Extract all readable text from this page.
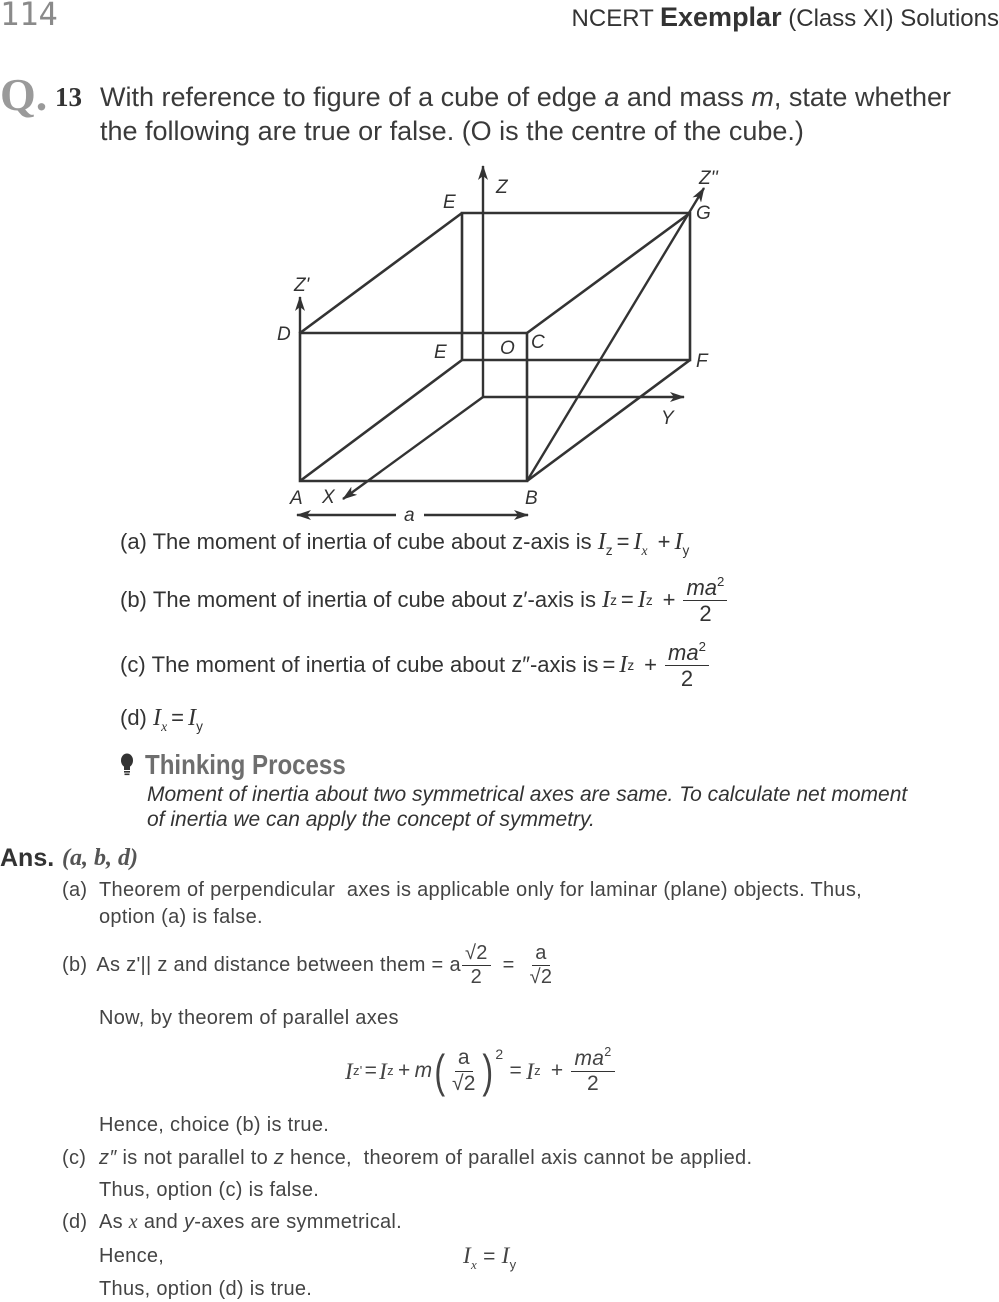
114	NCERT Exemplar (Class XI) Solutions
Q. 13 With reference to figure of a cube of edge a and mass m, state whether
the following are true or false. (O is the centre of the cube.)
E
Z	Z''
G
Z'
D
E	O C
F
Y
A X	B
a
(a) The moment of inertia of cube about z-axis is $I_z = I_x + I_y$
(b) The moment of inertia of cube about z′-axis is I z = I $z + \frac{ma^2}{2}$
(c) The moment of inertia of cube about z″-axis is = I $z + \frac{ma^2}{2}$
(d) $I_x = I_y$
Thinking Process
Moment of inertia about two symmetrical axes are same. To calculate net moment
of inertia we can apply the concept of symmetry.
Ans. (a, b, d)
(a) Theorem of perpendicular  axes is applicable only for laminar (plane) objects. Thus,
option (a) is false.
(b) As z'|| z and distance between them = a $\frac{√2}{2} = \frac{a}{√2}$
Now, by theorem of parallel axes
I z' = I z + m ( $\frac{a}{√2}$ ) 2
= I $z + \frac{ma^2}{2}$
Hence, choice (b) is true.
(c) z″ is not parallel to z hence,  theorem of parallel axis cannot be applied.
Thus, option (c) is false.
(d) As x and y-axes are symmetrical.
Hence,	$I_x = I_y$
Thus, option (d) is true.
